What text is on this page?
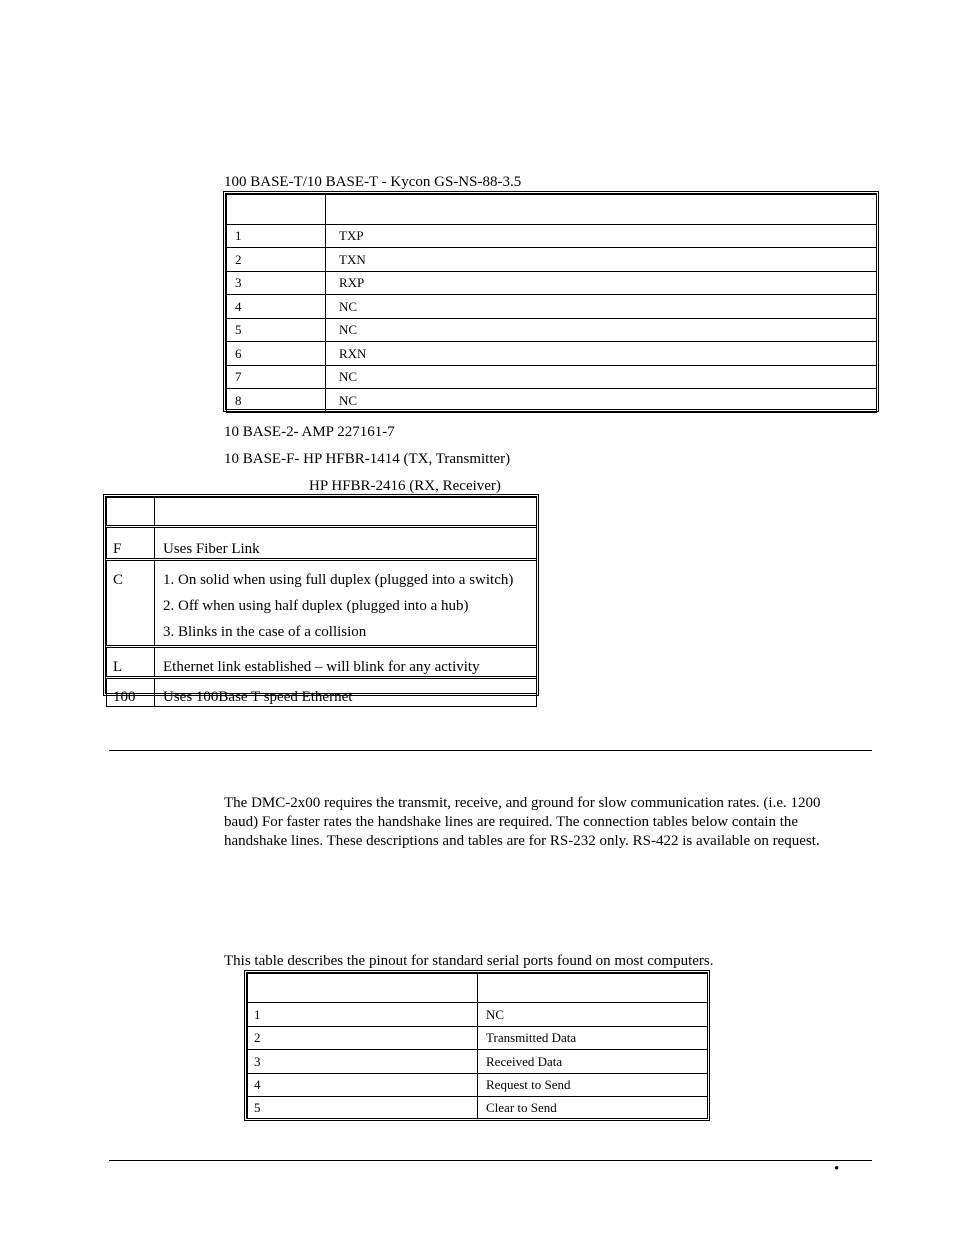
100 BASE-T/10 BASE-T - Kycon GS-NS-88-3.5

1	TXP
2	TXN
3	RXP
4	NC
5	NC
6	RXN
7	NC
8	NC
10 BASE-2- AMP 227161-7
10 BASE-F- HP HFBR-1414 (TX, Transmitter)
HP HFBR-2416 (RX, Receiver)

F	Uses Fiber Link

C	1. On solid when using full duplex (plugged into a switch)
2. Off when using half duplex (plugged into a hub)
3. Blinks in the case of a collision

L	Ethernet link established – will blink for any activity

100	Uses 100Base T speed Ethernet
The DMC-2x00 requires the transmit, receive, and ground for slow communication rates. (i.e. 1200 baud) For faster rates the handshake lines are required. The connection tables below contain the handshake lines. These descriptions and tables are for RS-232 only. RS-422 is available on request.
This table describes the pinout for standard serial ports found on most computers.

1	NC
2	Transmitted Data
3	Received Data
4	Request to Send
5	Clear to Send
•
